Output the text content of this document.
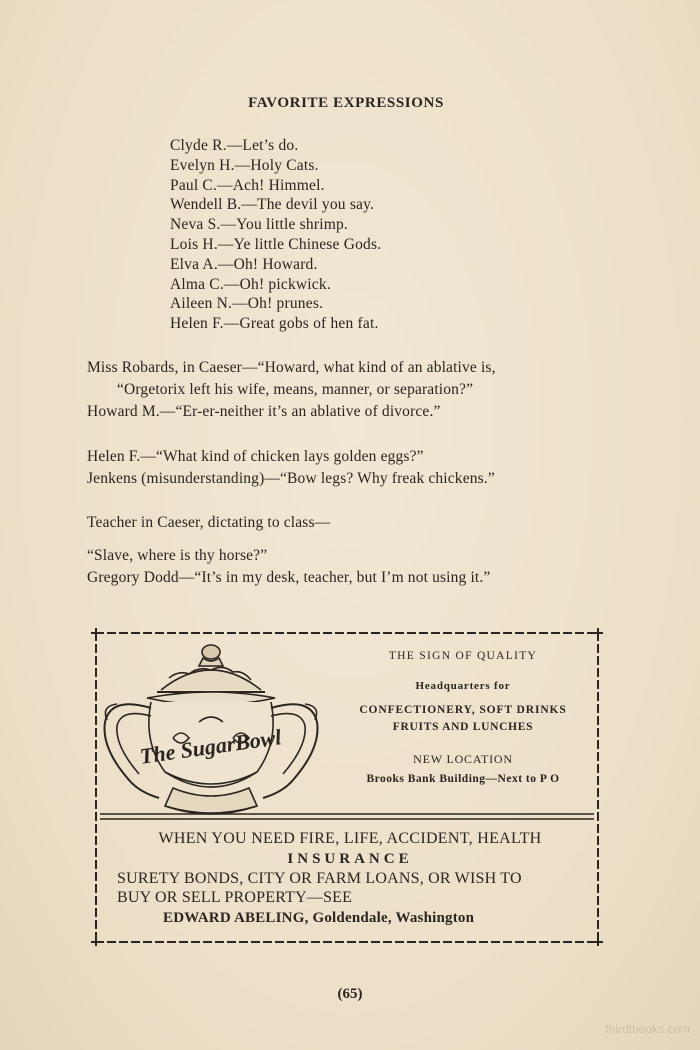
FAVORITE EXPRESSIONS
Clyde R.—Let’s do.
Evelyn H.—Holy Cats.
Paul C.—Ach! Himmel.
Wendell B.—The devil you say.
Neva S.—You little shrimp.
Lois H.—Ye little Chinese Gods.
Elva A.—Oh! Howard.
Alma C.—Oh! pickwick.
Aileen N.—Oh! prunes.
Helen F.—Great gobs of hen fat.
Miss Robards, in Caeser—“Howard, what kind of an ablative is,
“Orgetorix left his wife, means, manner, or separation?”
Howard M.—“Er-er-neither it’s an ablative of divorce.”
Helen F.—“What kind of chicken lays golden eggs?”
Jenkens (misunderstanding)—“Bow legs? Why freak chickens.”
Teacher in Caeser, dictating to class—
“Slave, where is thy horse?”
Gregory Dodd—“It’s in my desk, teacher, but I’m not using it.”
The SugarBowl
THE SIGN OF QUALITY
Headquarters for
CONFECTIONERY, SOFT DRINKS
FRUITS AND LUNCHES
NEW LOCATION
Brooks Bank Building—Next to P O
WHEN YOU NEED FIRE, LIFE, ACCIDENT, HEALTH
INSURANCE
SURETY BONDS, CITY OR FARM LOANS, OR WISH TO
BUY OR SELL PROPERTY—SEE
EDWARD ABELING, Goldendale, Washington
(65)
thirdtbooks.com
